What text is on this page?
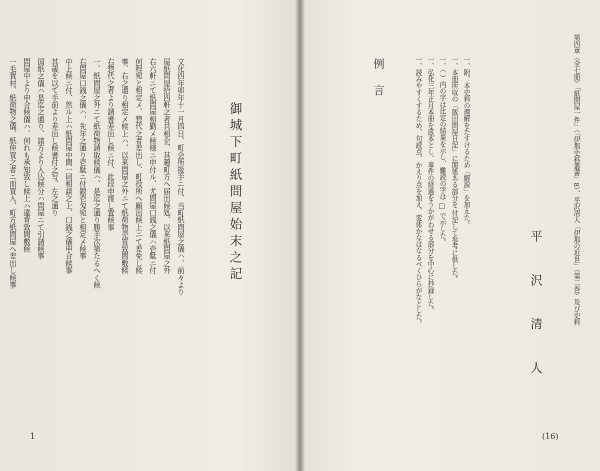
一毛賀村、紙荷物之儀、紙仲買之者ニ而買入、町方紙問屋へ差出し候事 問屋中より申合候儀ハ、何れも承知致し候上ハ違背致間敷候 国紙之儀ハ是迄之通り、諸方より入込候分ハ問屋ニて引請候事 其歳を以て手前より差出し候書付之写、左之通り 中上候ニ付、然ル上ハ紙問屋中間一同相談之上、口銭之儀申合候事 右問屋口銭之儀ハ、先年之通り壱駄ニ付銀壱匁宛と相定メ候事 一、紙問屋之外ニて紙荷物請取候儀ハ、是迄之通り勝手次第たるへく候 右惣代之者より請書差出し候ニ付、此段申渡し置候事 事、右之通り相定メ候上ハ、以来問屋之外ニて紙荷物売買致間敷候 何程宛と相定メ、惣代之者差出し、町役所へ願出候上ニて差免し候 右六軒ニて紙問屋相勤メ候様ニ申付ル、尤問屋口銭之儀ハ壱駄ニ付 屋紙問屋拾四軒之者共相企、其趣町方へ届出候処、以来紙問屋之外 文化四年卯年十一月四日、町会所扱手ニ付、当町紙問屋之儀ハ、前々より	御城下町紙問屋始末之記
1
例 言	一、読みやすくするため、句読点、かえり点を加え、変体かなはなるべくひらがなとした。 一、弘化三年正月本冊を底本とし、事件の経過をうかがわせる部分を中心に抄録した。 一、（ ）内の字は比定の結果を示し、難読の字は □ で示した。 一、本冊所収の「飯田問屋日記」に関係ある部分を 付記して参考に供した。 一、附、本史料の理解をたすけるため「解説」を加えた。
平 沢 清 人	第四章〈全七冊〉「紙問屋一件」（「伊那史料叢書」8）、平沢清人「伊那の近世」（第二巻）及び史料
(16)
